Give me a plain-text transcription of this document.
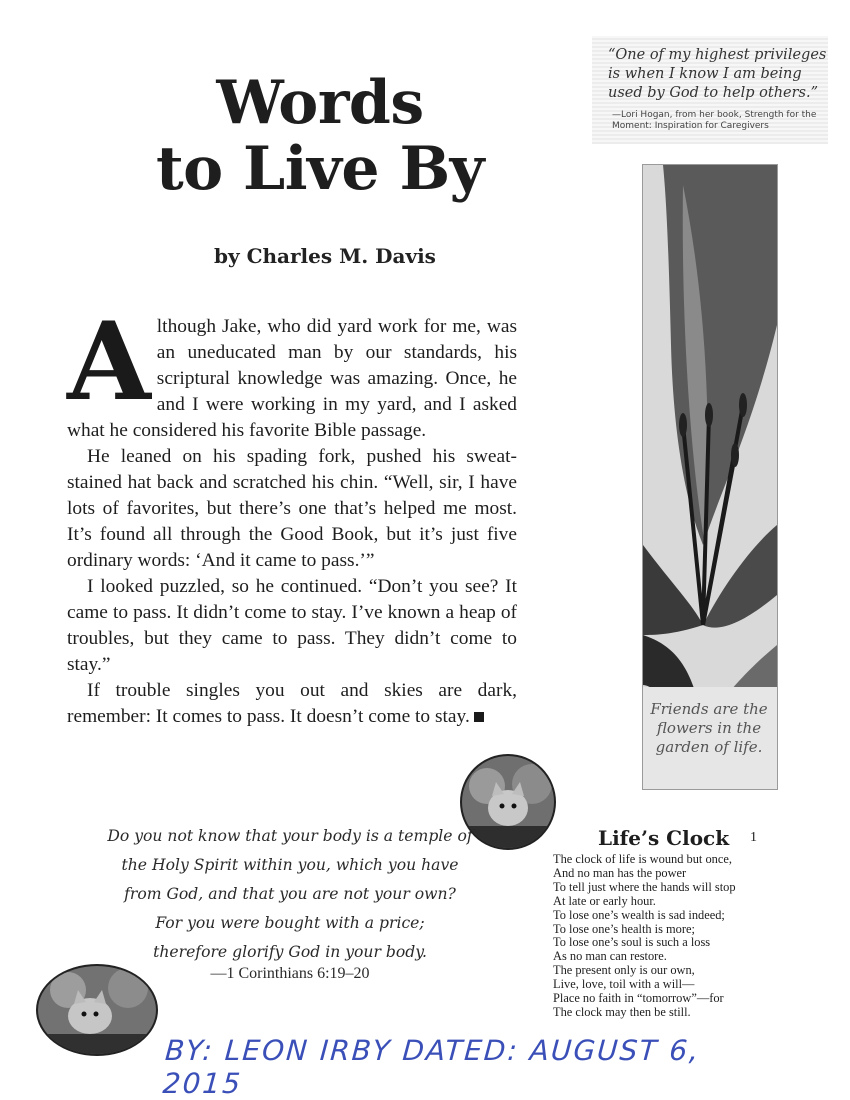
“One of my highest privileges is when I know I am being used by God to help others.”
—Lori Hogan, from her book, Strength for the Moment: Inspiration for Caregivers
Words
to Live By
by Charles M. Davis
A lthough Jake, who did yard work for me, was an uneducated man by our standards, his scriptural knowledge was amazing. Once, he and I were working in my yard, and I asked what he considered his favorite Bible passage.

He leaned on his spading fork, pushed his sweat-stained hat back and scratched his chin. “Well, sir, I have lots of favorites, but there’s one that’s helped me most. It’s found all through the Good Book, but it’s just five ordinary words: ‘And it came to pass.’”

I looked puzzled, so he continued. “Don’t you see? It came to pass. It didn’t come to stay. I’ve known a heap of troubles, but they came to pass. They didn’t come to stay.”

If trouble singles you out and skies are dark, remember: It comes to pass. It doesn’t come to stay.	Friends are the
flowers in the
garden of life.
Do you not know that your body is a temple of
the Holy Spirit within you, which you have
from God, and that you are not your own?
For you were bought with a price;
therefore glorify God in your body.
—1 Corinthians 6:19–20
Life’s Clock	1
The clock of life is wound but once,
And no man has the power
To tell just where the hands will stop
At late or early hour.
To lose one’s wealth is sad indeed;
To lose one’s health is more;
To lose one’s soul is such a loss
As no man can restore.
The present only is our own,
Live, love, toil with a will—
Place no faith in “tomorrow”—for
The clock may then be still.
BY: LEON IRBY DATED: AUGUST 6, 2015
